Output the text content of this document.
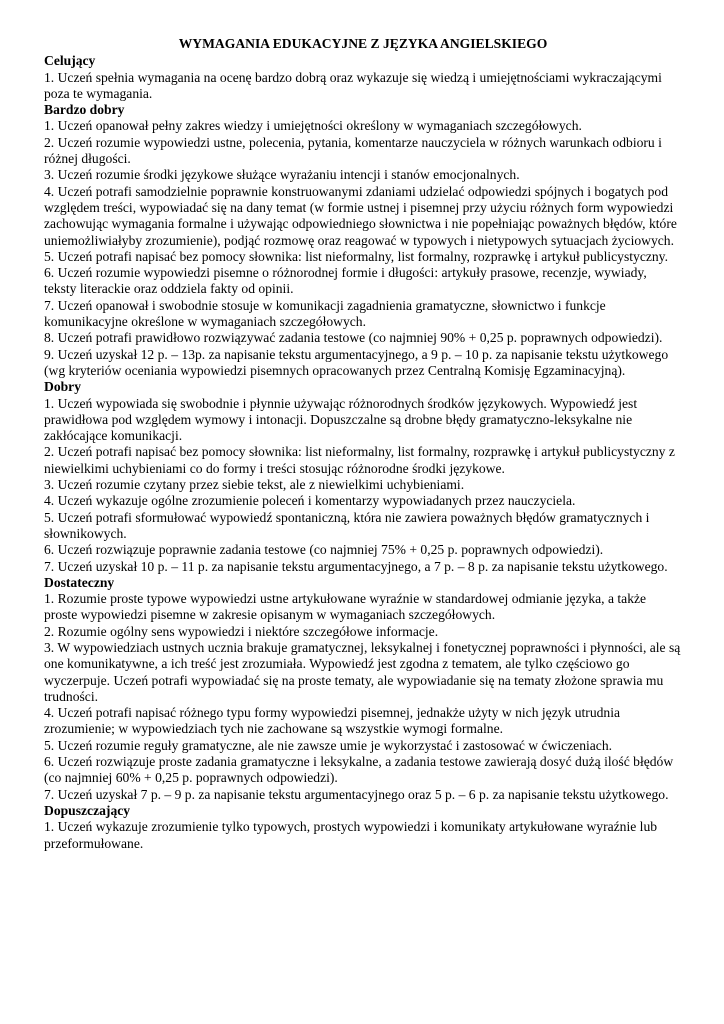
WYMAGANIA EDUKACYJNE Z JĘZYKA ANGIELSKIEGO
Celujący

1. Uczeń spełnia wymagania na ocenę bardzo dobrą oraz wykazuje się wiedzą i umiejętnościami wykraczającymi poza te wymagania.

Bardzo dobry

1. Uczeń opanował pełny zakres wiedzy i umiejętności określony w wymaganiach szczegółowych.

2. Uczeń rozumie wypowiedzi ustne, polecenia, pytania, komentarze nauczyciela w różnych warunkach odbioru i różnej długości.

3. Uczeń rozumie środki językowe służące wyrażaniu intencji i stanów emocjonalnych.

4. Uczeń potrafi samodzielnie poprawnie konstruowanymi zdaniami udzielać odpowiedzi spójnych i bogatych pod względem treści, wypowiadać się na dany temat (w formie ustnej i pisemnej przy użyciu różnych form wypowiedzi zachowując wymagania formalne i używając odpowiedniego słownictwa i nie popełniając poważnych błędów, które uniemożliwiałyby zrozumienie), podjąć rozmowę oraz reagować w typowych i nietypowych sytuacjach życiowych.

5. Uczeń potrafi napisać bez pomocy słownika: list nieformalny, list formalny, rozprawkę i artykuł publicystyczny.

6. Uczeń rozumie wypowiedzi pisemne o różnorodnej formie i długości: artykuły prasowe, recenzje, wywiady, teksty literackie oraz oddziela fakty od opinii.

7. Uczeń opanował i swobodnie stosuje w komunikacji zagadnienia gramatyczne, słownictwo i funkcje komunikacyjne określone w wymaganiach szczegółowych.

8. Uczeń potrafi prawidłowo rozwiązywać zadania testowe (co najmniej 90% + 0,25 p. poprawnych odpowiedzi).

9. Uczeń uzyskał 12 p. – 13p. za napisanie tekstu argumentacyjnego, a 9 p. – 10 p. za napisanie tekstu użytkowego (wg kryteriów oceniania wypowiedzi pisemnych opracowanych przez Centralną Komisję Egzaminacyjną).

Dobry

1. Uczeń wypowiada się swobodnie i płynnie używając różnorodnych środków językowych. Wypowiedź jest prawidłowa pod względem wymowy i intonacji. Dopuszczalne są drobne błędy gramatyczno-leksykalne nie zakłócające komunikacji.

2. Uczeń potrafi napisać bez pomocy słownika: list nieformalny, list formalny, rozprawkę i artykuł publicystyczny z niewielkimi uchybieniami co do formy i treści stosując różnorodne środki językowe.

3. Uczeń rozumie czytany przez siebie tekst, ale z niewielkimi uchybieniami.

4. Uczeń wykazuje ogólne zrozumienie poleceń i komentarzy wypowiadanych przez nauczyciela.

5. Uczeń potrafi sformułować wypowiedź spontaniczną, która nie zawiera poważnych błędów gramatycznych i słownikowych.

6. Uczeń rozwiązuje poprawnie zadania testowe (co najmniej 75% + 0,25 p. poprawnych odpowiedzi).

7. Uczeń uzyskał 10 p. – 11 p. za napisanie tekstu argumentacyjnego, a 7 p. – 8 p. za napisanie tekstu użytkowego.

Dostateczny

1. Rozumie proste typowe wypowiedzi ustne artykułowane wyraźnie w standardowej odmianie języka, a także proste wypowiedzi pisemne w zakresie opisanym w wymaganiach szczegółowych.

2. Rozumie ogólny sens wypowiedzi i niektóre szczegółowe informacje.

3. W wypowiedziach ustnych ucznia brakuje gramatycznej, leksykalnej i fonetycznej poprawności i płynności, ale są one komunikatywne, a ich treść jest zrozumiała. Wypowiedź jest zgodna z tematem, ale tylko częściowo go wyczerpuje. Uczeń potrafi wypowiadać się na proste tematy, ale wypowiadanie się na tematy złożone sprawia mu trudności.

4. Uczeń potrafi napisać różnego typu formy wypowiedzi pisemnej, jednakże użyty w nich język utrudnia zrozumienie; w wypowiedziach tych nie zachowane są wszystkie wymogi formalne.

5. Uczeń rozumie reguły gramatyczne, ale nie zawsze umie je wykorzystać i zastosować w ćwiczeniach.

6. Uczeń rozwiązuje proste zadania gramatyczne i leksykalne, a zadania testowe zawierają dosyć dużą ilość błędów (co najmniej 60% + 0,25 p. poprawnych odpowiedzi).

7. Uczeń uzyskał 7 p. – 9 p. za napisanie tekstu argumentacyjnego oraz 5 p. – 6 p. za napisanie tekstu użytkowego.

Dopuszczający

1. Uczeń wykazuje zrozumienie tylko typowych, prostych wypowiedzi i komunikaty artykułowane wyraźnie lub przeformułowane.
